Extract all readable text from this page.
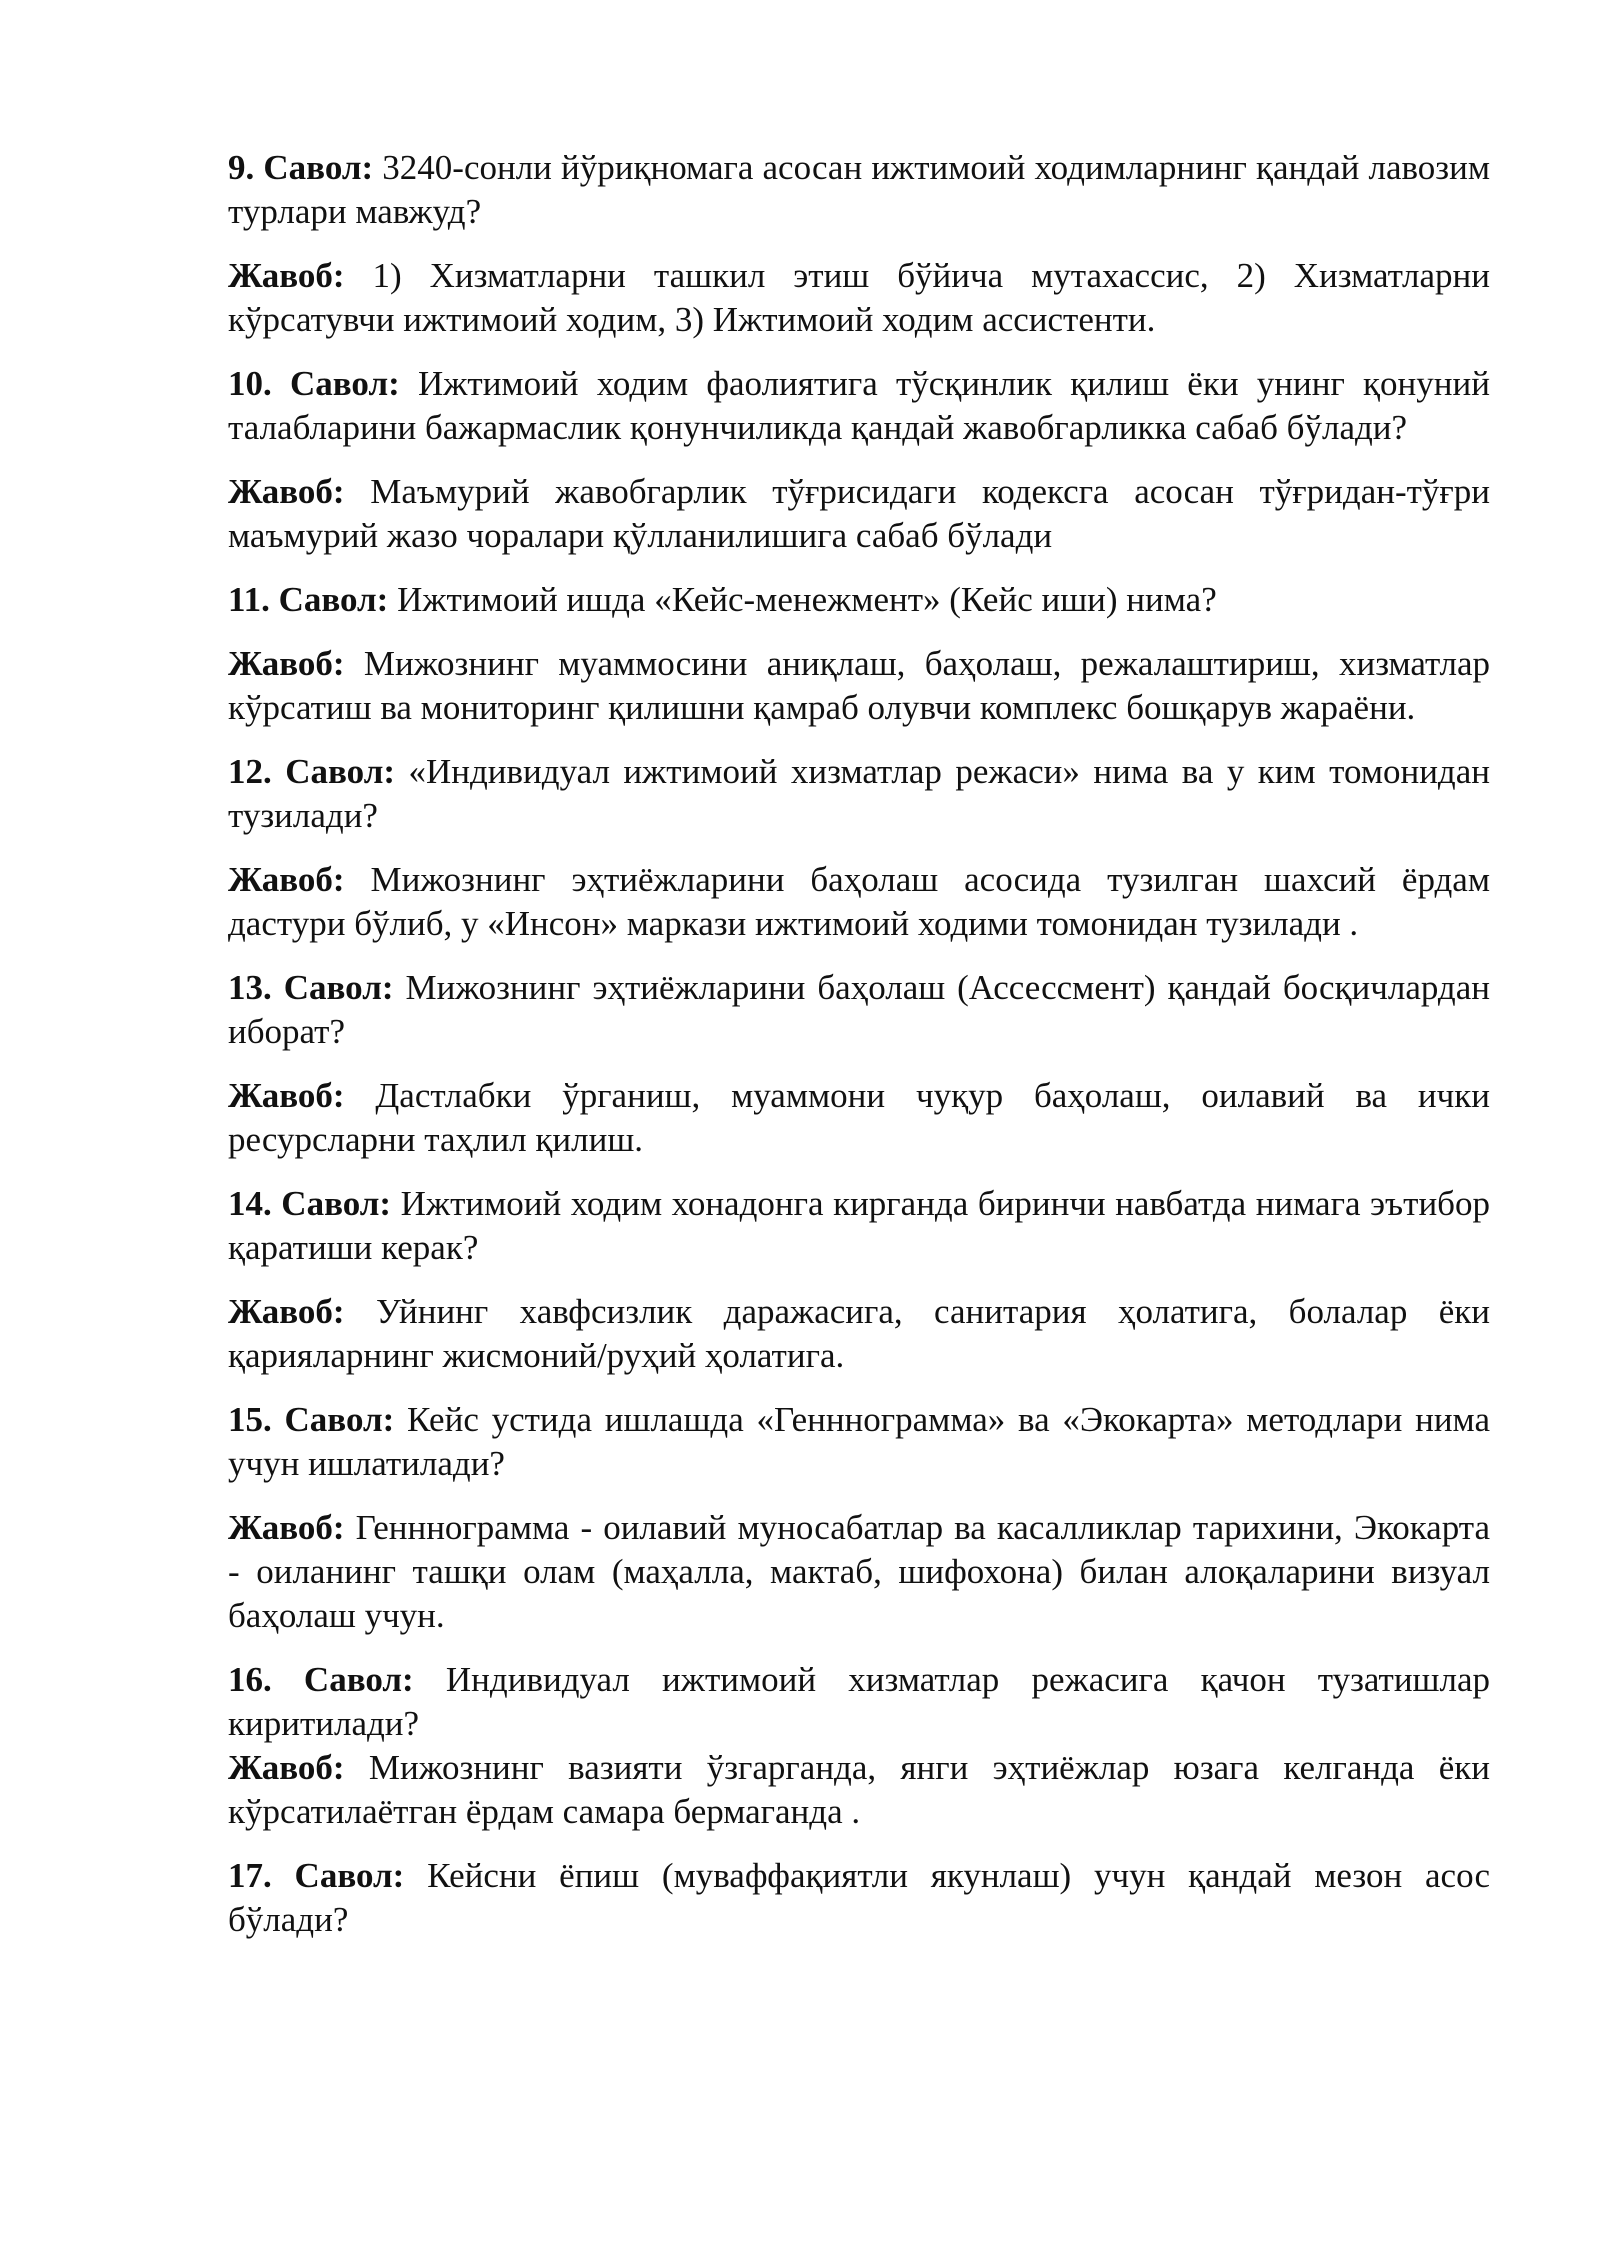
9. Савол: 3240-сонли йўриқномага асосан ижтимоий ходимларнинг қандай лавозим турлари мавжуд?

Жавоб: 1) Хизматларни ташкил этиш бўйича мутахассис, 2) Хизматларни кўрсатувчи ижтимоий ходим, 3) Ижтимоий ходим ассистенти.

10. Савол: Ижтимоий ходим фаолиятига тўсқинлик қилиш ёки унинг қонуний талабларини бажармаслик қонунчиликда қандай жавобгарликка сабаб бўлади?

Жавоб: Маъмурий жавобгарлик тўғрисидаги кодексга асосан тўғридан-тўғри маъмурий жазо чоралари қўлланилишига сабаб бўлади

11. Савол: Ижтимоий ишда «Кейс-менежмент» (Кейс иши) нима?

Жавоб: Мижознинг муаммосини аниқлаш, баҳолаш, режалаштириш, хизматлар кўрсатиш ва мониторинг қилишни қамраб олувчи комплекс бошқарув жараёни.

12. Савол: «Индивидуал ижтимоий хизматлар режаси» нима ва у ким томонидан тузилади?

Жавоб: Мижознинг эҳтиёжларини баҳолаш асосида тузилган шахсий ёрдам дастури бўлиб, у «Инсон» маркази ижтимоий ходими томонидан тузилади .

13. Савол: Мижознинг эҳтиёжларини баҳолаш (Ассессмент) қандай босқичлардан иборат?

Жавоб: Дастлабки ўрганиш, муаммони чуқур баҳолаш, оилавий ва ички ресурсларни таҳлил қилиш.

14. Савол: Ижтимоий ходим хонадонга кирганда биринчи навбатда нимага эътибор қаратиши керак?

Жавоб: Уйнинг хавфсизлик даражасига, санитария ҳолатига, болалар ёки қарияларнинг жисмоний/руҳий ҳолатига.

15. Савол: Кейс устида ишлашда «Генннограмма» ва «Экокарта» методлари нима учун ишлатилади?

Жавоб: Генннограмма - оилавий муносабатлар ва касалликлар тарихини, Экокарта - оиланинг ташқи олам (маҳалла, мактаб, шифохона) билан алоқаларини визуал баҳолаш учун.

16. Савол: Индивидуал ижтимоий хизматлар режасига қачон тузатишлар киритилади?

Жавоб: Мижознинг вазияти ўзгарганда, янги эҳтиёжлар юзага келганда ёки кўрсатилаётган ёрдам самара бермаганда .

17. Савол: Кейсни ёпиш (муваффақиятли якунлаш) учун қандай мезон асос бўлади?
